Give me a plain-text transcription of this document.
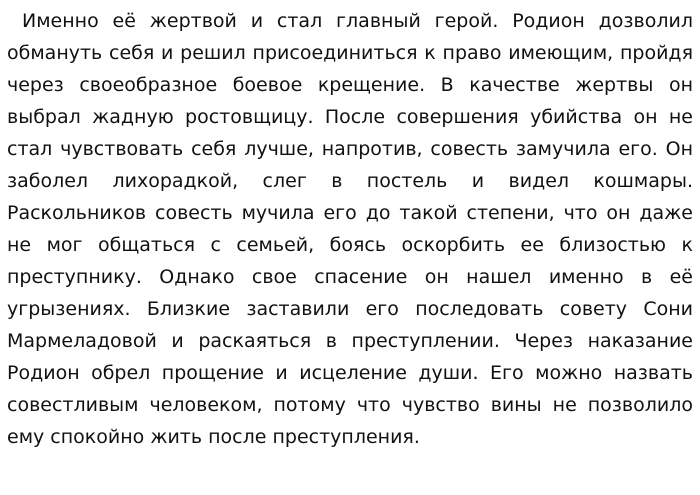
Именно её жертвой и стал главный герой. Родион дозволил обмануть себя и решил присоединиться к право имеющим, пройдя через своеобразное боевое крещение. В качестве жертвы он выбрал жадную ростовщицу. После совершения убийства он не стал чувствовать себя лучше, напротив, совесть замучила его. Он заболел лихорадкой, слег в постель и видел кошмары. Раскольников совесть мучила его до такой степени, что он даже не мог общаться с семьей, боясь оскорбить ее близостью к преступнику. Однако свое спасение он нашел именно в её угрызениях. Близкие заставили его последовать совету Сони Мармеладовой и раскаяться в преступлении. Через наказание Родион обрел прощение и исцеление души. Его можно назвать совестливым человеком, потому что чувство вины не позволило ему спокойно жить после преступления.
